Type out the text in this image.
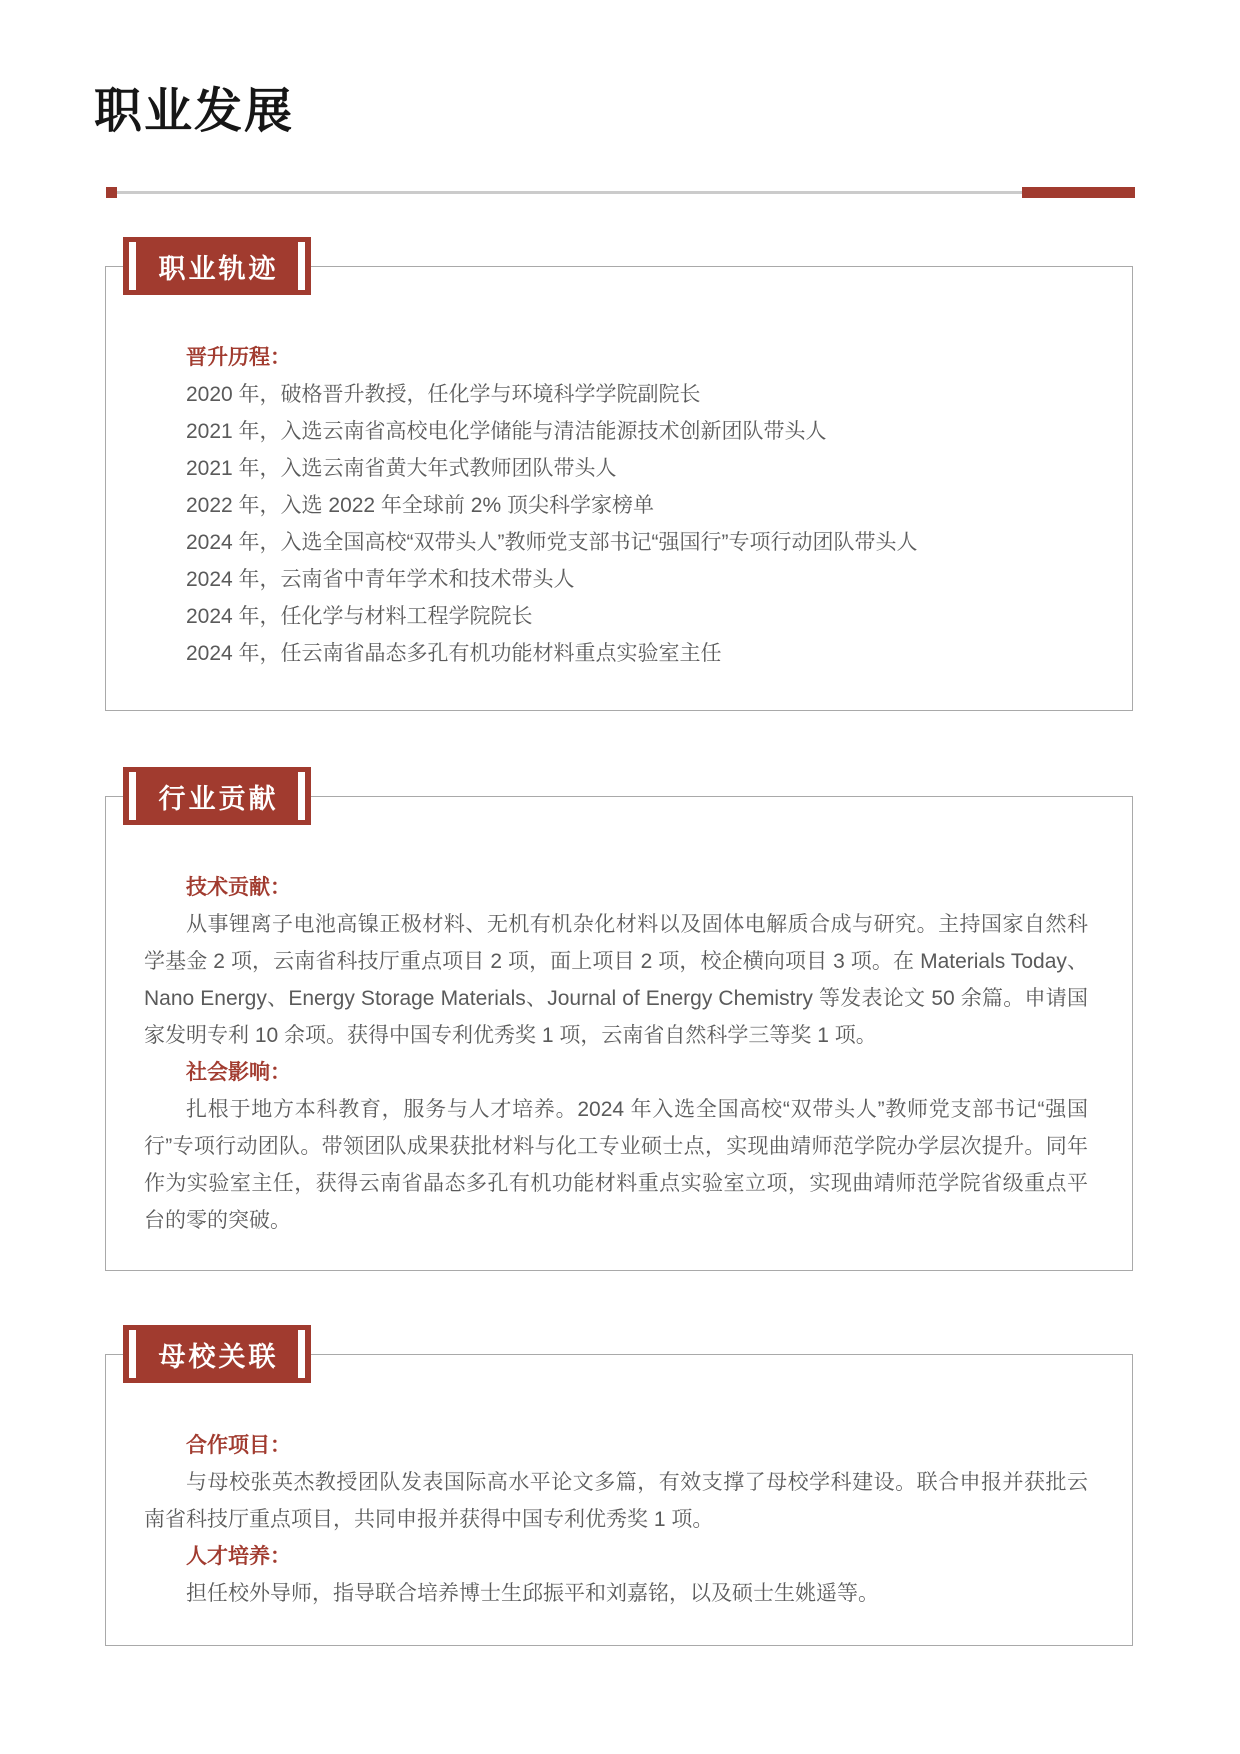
职业发展
职业轨迹

晋升历程：

2020 年，破格晋升教授，任化学与环境科学学院副院长

2021 年，入选云南省高校电化学储能与清洁能源技术创新团队带头人

2021 年，入选云南省黄大年式教师团队带头人

2022 年，入选 2022 年全球前 2% 顶尖科学家榜单

2024 年，入选全国高校“双带头人”教师党支部书记“强国行”专项行动团队带头人

2024 年，云南省中青年学术和技术带头人

2024 年，任化学与材料工程学院院长

2024 年，任云南省晶态多孔有机功能材料重点实验室主任

行业贡献

技术贡献：

从事锂离子电池高镍正极材料、无机有机杂化材料以及固体电解质合成与研究。主持国家自然科学基金 2 项，云南省科技厅重点项目 2 项，面上项目 2 项，校企横向项目 3 项。在 Materials Today、Nano Energy、Energy Storage Materials、Journal of Energy Chemistry 等发表论文 50 余篇。申请国家发明专利 10 余项。获得中国专利优秀奖 1 项，云南省自然科学三等奖 1 项。

社会影响：

扎根于地方本科教育，服务与人才培养。2024 年入选全国高校“双带头人”教师党支部书记“强国行”专项行动团队。带领团队成果获批材料与化工专业硕士点，实现曲靖师范学院办学层次提升。同年作为实验室主任，获得云南省晶态多孔有机功能材料重点实验室立项，实现曲靖师范学院省级重点平台的零的突破。

母校关联

合作项目：

与母校张英杰教授团队发表国际高水平论文多篇，有效支撑了母校学科建设。联合申报并获批云南省科技厅重点项目，共同申报并获得中国专利优秀奖 1 项。

人才培养：

担任校外导师，指导联合培养博士生邱振平和刘嘉铭，以及硕士生姚遥等。
